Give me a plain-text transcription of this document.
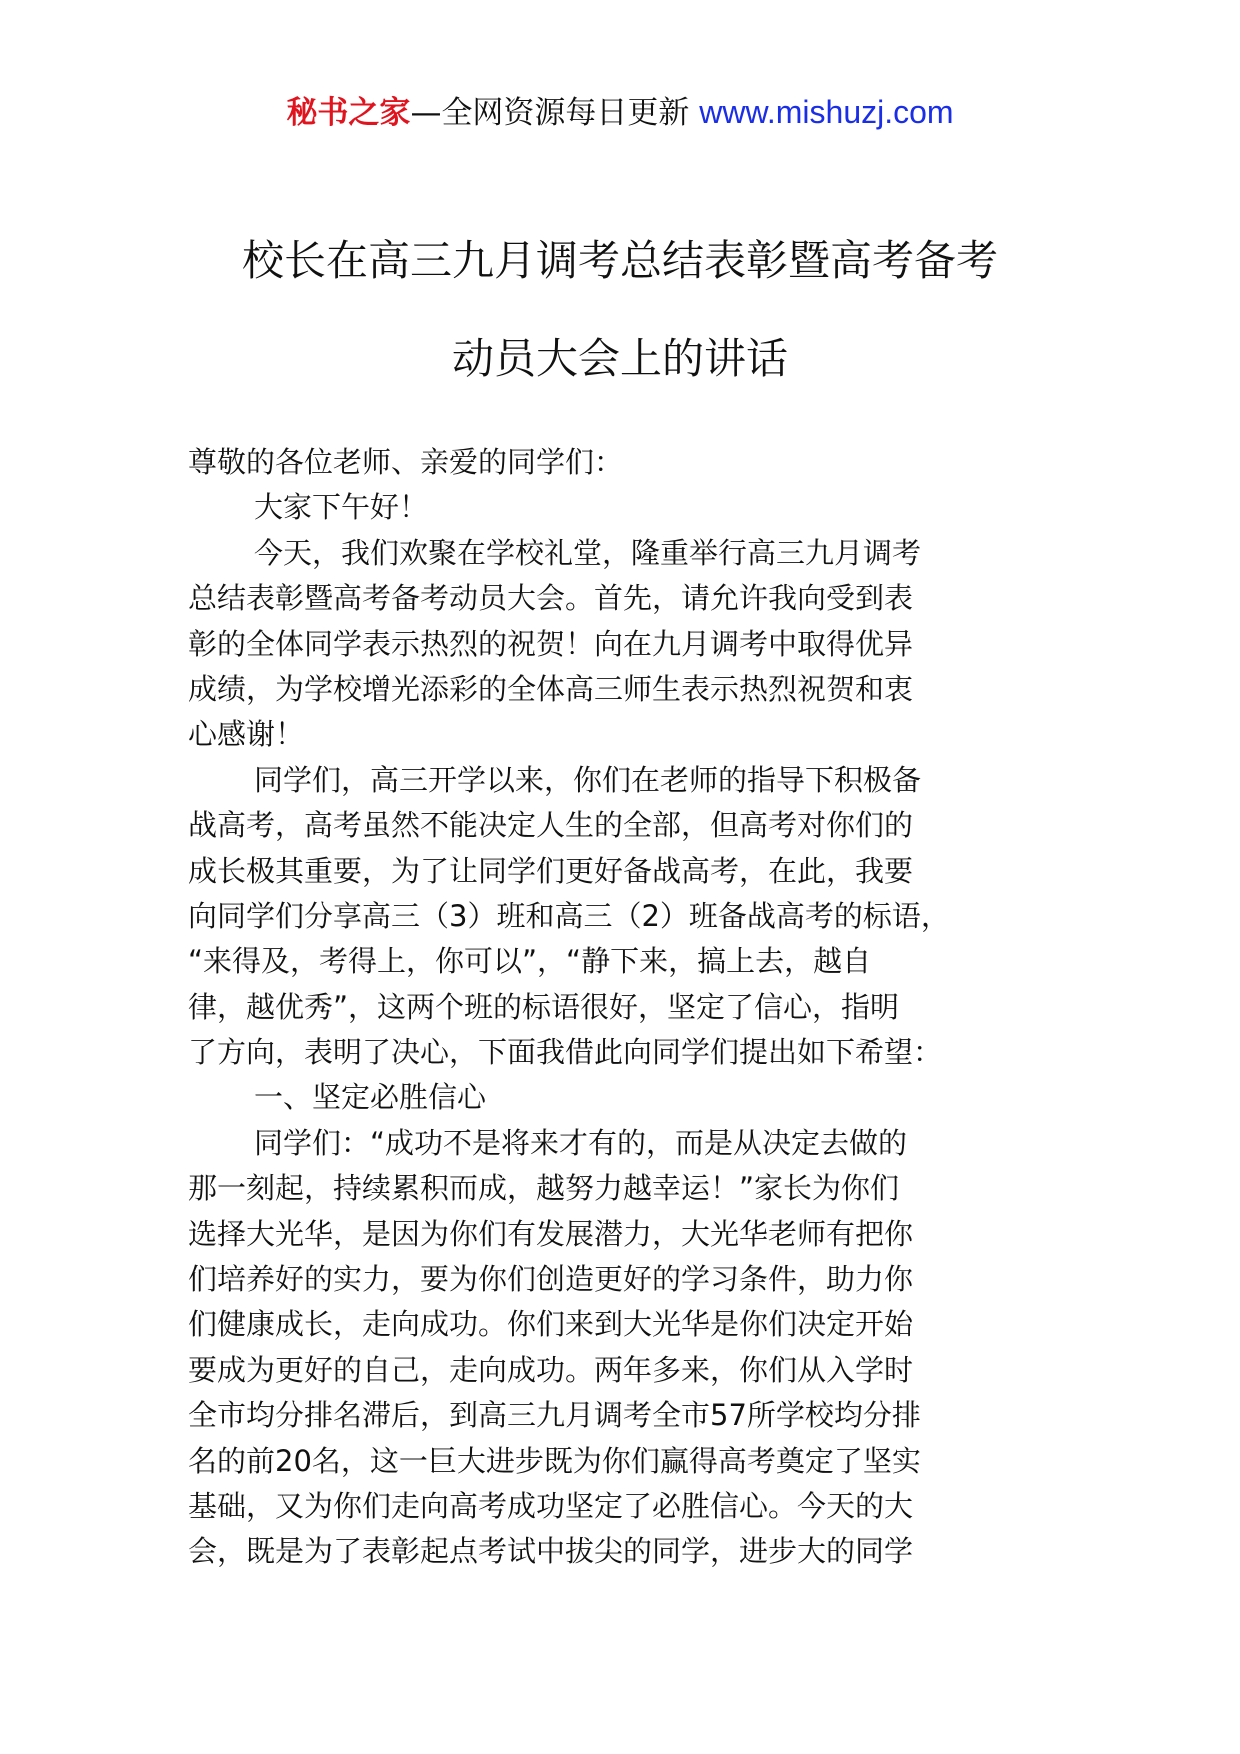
秘书之家—全网资源每日更新 www.mishuzj.com
校长在高三九月调考总结表彰暨高考备考
动员大会上的讲话
尊敬的各位老师、亲爱的同学们：
大家下午好！
今天，我们欢聚在学校礼堂，隆重举行高三九月调考
总结表彰暨高考备考动员大会。首先，请允许我向受到表
彰的全体同学表示热烈的祝贺！向在九月调考中取得优异
成绩，为学校增光添彩的全体高三师生表示热烈祝贺和衷
心感谢！
同学们，高三开学以来，你们在老师的指导下积极备
战高考，高考虽然不能决定人生的全部，但高考对你们的
成长极其重要，为了让同学们更好备战高考，在此，我要
向同学们分享高三（3）班和高三（2）班备战高考的标语，
“来得及，考得上，你可以”，“静下来，搞上去，越自
律，越优秀”，这两个班的标语很好，坚定了信心，指明
了方向，表明了决心，下面我借此向同学们提出如下希望：
一、坚定必胜信心
同学们：“成功不是将来才有的，而是从决定去做的
那一刻起，持续累积而成，越努力越幸运！”家长为你们
选择大光华，是因为你们有发展潜力，大光华老师有把你
们培养好的实力，要为你们创造更好的学习条件，助力你
们健康成长，走向成功。你们来到大光华是你们决定开始
要成为更好的自己，走向成功。两年多来，你们从入学时
全市均分排名滞后，到高三九月调考全市57所学校均分排
名的前20名，这一巨大进步既为你们赢得高考奠定了坚实
基础，又为你们走向高考成功坚定了必胜信心。今天的大
会，既是为了表彰起点考试中拔尖的同学，进步大的同学
